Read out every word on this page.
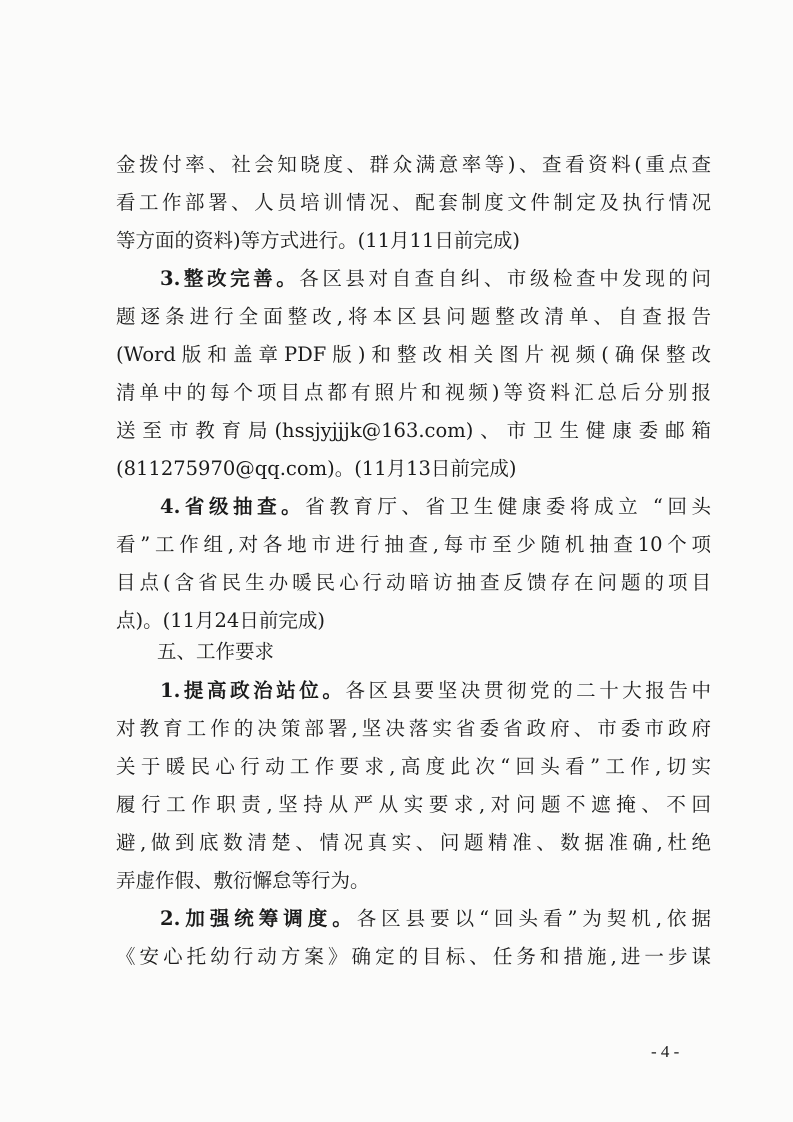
金拨付率、社会知晓度、群众满意率等)、查看资料(重点查
看工作部署、人员培训情况、配套制度文件制定及执行情况
等方面的资料)等方式进行。(11月11日前完成)
3.整改完善。各区县对自查自纠、市级检查中发现的问
题逐条进行全面整改,将本区县问题整改清单、自查报告
(Word版和盖章PDF版)和整改相关图片视频(确保整改
清单中的每个项目点都有照片和视频)等资料汇总后分别报
送至市教育局(hssjyjjjk@163.com)、市卫生健康委邮箱
(811275970@qq.com)。(11月13日前完成)
4.省级抽查。省教育厅、省卫生健康委将成立 “回头
看”工作组,对各地市进行抽查,每市至少随机抽查10个项
目点(含省民生办暖民心行动暗访抽查反馈存在问题的项目
点)。(11月24日前完成)
五、工作要求
1.提高政治站位。各区县要坚决贯彻党的二十大报告中
对教育工作的决策部署,坚决落实省委省政府、市委市政府
关于暖民心行动工作要求,高度此次“回头看”工作,切实
履行工作职责,坚持从严从实要求,对问题不遮掩、不回
避,做到底数清楚、情况真实、问题精准、数据准确,杜绝
弄虚作假、敷衍懈怠等行为。
2.加强统筹调度。各区县要以“回头看”为契机,依据
《安心托幼行动方案》确定的目标、任务和措施,进一步谋
- 4 -
